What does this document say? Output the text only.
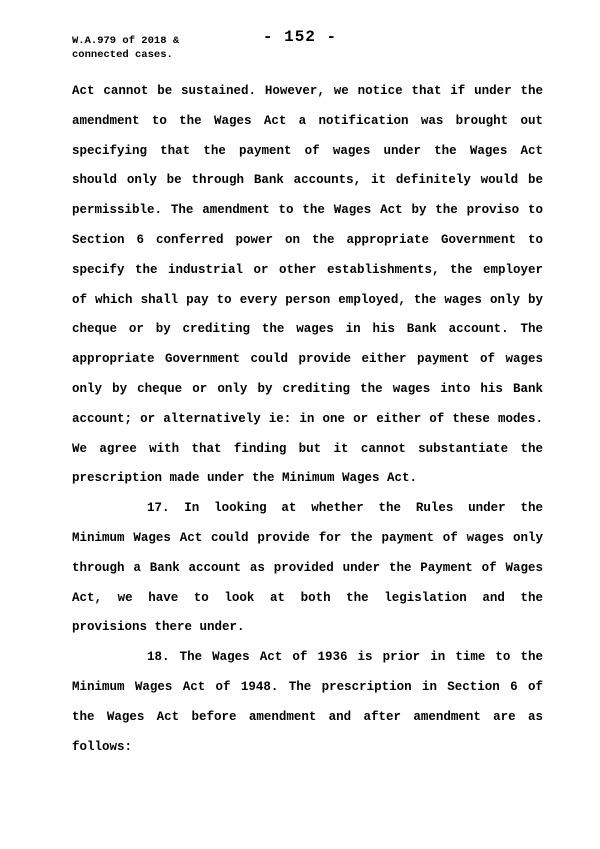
W.A.979 of 2018 &
connected cases.
- 152 -

Act cannot be sustained. However, we notice that if under the amendment to the Wages Act a notification was brought out specifying that the payment of wages under the Wages Act should only be through Bank accounts, it definitely would be permissible. The amendment to the Wages Act by the proviso to Section 6 conferred power on the appropriate Government to specify the industrial or other establishments, the employer of which shall pay to every person employed, the wages only by cheque or by crediting the wages in his Bank account. The appropriate Government could provide either payment of wages only by cheque or only by crediting the wages into his Bank account; or alternatively ie: in one or either of these modes. We agree with that finding but it cannot substantiate the prescription made under the Minimum Wages Act.

17. In looking at whether the Rules under the Minimum Wages Act could provide for the payment of wages only through a Bank account as provided under the Payment of Wages Act, we have to look at both the legislation and the provisions there under.

18. The Wages Act of 1936 is prior in time to the Minimum Wages Act of 1948. The prescription in Section 6 of the Wages Act before amendment and after amendment are as follows:
